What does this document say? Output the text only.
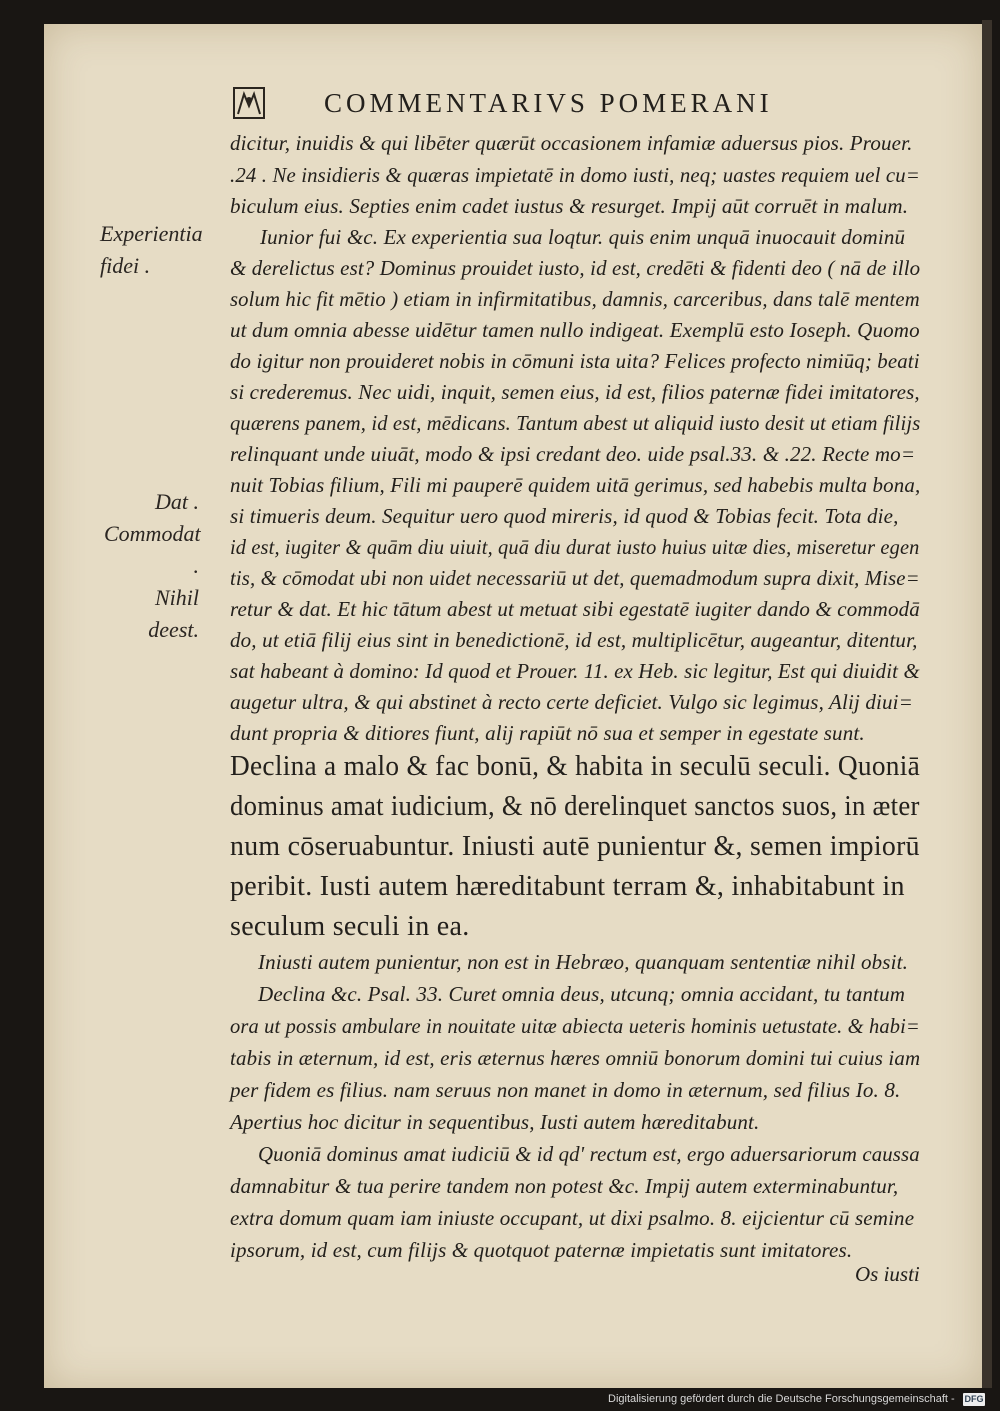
COMMENTARIVS POMERANI
Experientia
fidei .
Dat .
Commodat .
Nihil deest.
dicitur, inuidis & qui libēter quærūt occasionem infamiæ aduersus pios. Prouer.
.24 . Ne insidieris & quæras impietatē in domo iusti, neq; uastes requiem uel cu=
biculum eius. Septies enim cadet iustus & resurget. Impij aūt corruēt in malum.
Iunior fui &c. Ex experientia sua loqtur. quis enim unquā inuocauit dominū
& derelictus est? Dominus prouidet iusto, id est, credēti & fidenti deo ( nā de illo
solum hic fit mētio ) etiam in infirmitatibus, damnis, carceribus, dans talē mentem
ut dum omnia abesse uidētur tamen nullo indigeat. Exemplū esto Ioseph. Quomo
do igitur non prouideret nobis in cōmuni ista uita? Felices profecto nimiūq; beati
si crederemus. Nec uidi, inquit, semen eius, id est, filios paternæ fidei imitatores,
quærens panem, id est, mēdicans. Tantum abest ut aliquid iusto desit ut etiam filijs
relinquant unde uiuāt, modo & ipsi credant deo. uide psal.33. & .22. Recte mo=
nuit Tobias filium, Fili mi pauperē quidem uitā gerimus, sed habebis multa bona,
si timueris deum. Sequitur uero quod mireris, id quod & Tobias fecit. Tota die,
id est, iugiter & quām diu uiuit, quā diu durat iusto huius uitæ dies, miseretur egen
tis, & cōmodat ubi non uidet necessariū ut det, quemadmodum supra dixit, Mise=
retur & dat. Et hic tātum abest ut metuat sibi egestatē iugiter dando & commodā
do, ut etiā filij eius sint in benedictionē, id est, multiplicētur, augeantur, ditentur,
sat habeant à domino: Id quod et Prouer. 11. ex Heb. sic legitur, Est qui diuidit &
augetur ultra, & qui abstinet à recto certe deficiet. Vulgo sic legimus, Alij diui=
dunt propria & ditiores fiunt, alij rapiūt nō sua et semper in egestate sunt.
Declina a malo & fac bonū, & habita in seculū seculi. Quoniā
dominus amat iudicium, & nō derelinquet sanctos suos, in æter
num cōseruabuntur. Iniusti autē punientur &, semen impiorū
peribit. Iusti autem hæreditabunt terram &, inhabitabunt in
seculum seculi in ea.
Iniusti autem punientur, non est in Hebræo, quanquam sententiæ nihil obsit.
Declina &c. Psal. 33. Curet omnia deus, utcunq; omnia accidant, tu tantum
ora ut possis ambulare in nouitate uitæ abiecta ueteris hominis uetustate. & habi=
tabis in æternum, id est, eris æternus hæres omniū bonorum domini tui cuius iam
per fidem es filius. nam seruus non manet in domo in æternum, sed filius Io. 8.
Apertius hoc dicitur in sequentibus, Iusti autem hæreditabunt.
Quoniā dominus amat iudiciū & id qd' rectum est, ergo aduersariorum caussa
damnabitur & tua perire tandem non potest &c. Impij autem exterminabuntur,
extra domum quam iam iniuste occupant, ut dixi psalmo. 8. eijcientur cū semine
ipsorum, id est, cum filijs & quotquot paternæ impietatis sunt imitatores.
Os iusti
Digitalisierung gefördert durch die Deutsche Forschungsgemeinschaft - DFG
